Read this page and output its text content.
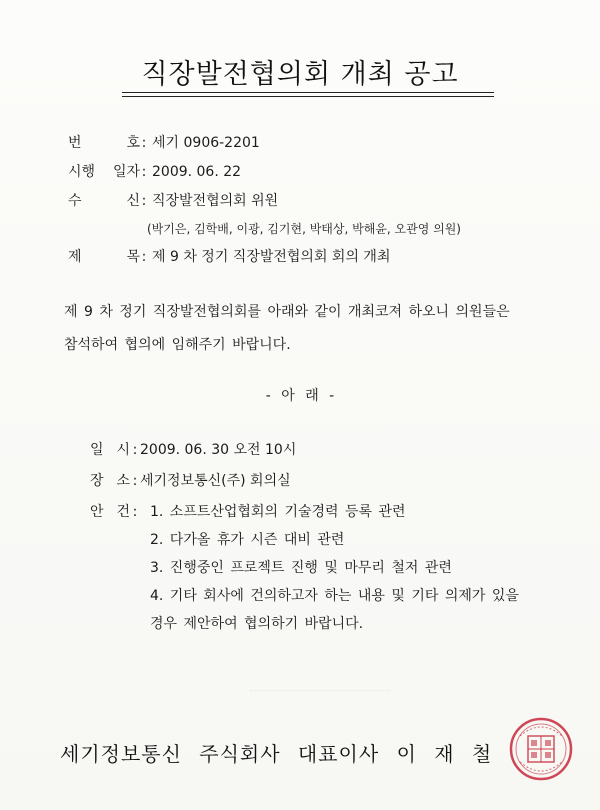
직장발전협의회 개최 공고
번 호 : 세기 0906-2201
시행 일자 : 2009. 06. 22
수 신 : 직장발전협의회 위원
(박기은, 김학배, 이광, 김기현, 박태상, 박해윤, 오관영 의원)
제 목 : 제 9 차 정기 직장발전협의회 회의 개최
제 9 차 정기 직장발전협의회를 아래와 같이 개최코져 하오니 의원들은
참석하여 협의에 임해주기 바랍니다.
- 아 래 -
일 시 : 2009. 06. 30 오전 10시
장 소 : 세기정보통신(주) 회의실
안 건 : 1. 소프트산업협회의 기술경력 등록 관련
2. 다가올 휴가 시즌 대비 관련
3. 진행중인 프로젝트 진행 및 마무리 철저 관련
4. 기타 회사에 건의하고자 하는 내용 및 기타 의제가 있을
경우 제안하여 협의하기 바랍니다.
세기정보통신 주식회사 대표이사 이 재 철
